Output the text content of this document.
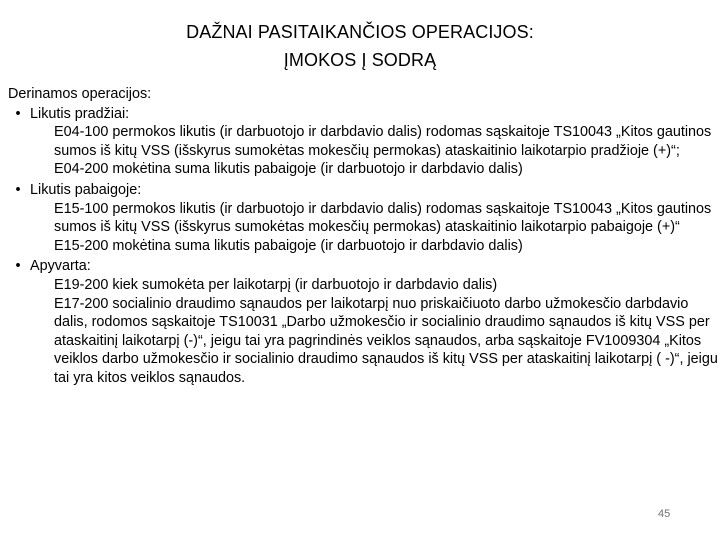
DAŽNAI PASITAIKANČIOS OPERACIJOS:
ĮMOKOS Į SODRĄ
Derinamos operacijos:
• Likutis pradžiai:
E04-100 permokos likutis (ir darbuotojo ir darbdavio dalis) rodomas sąskaitoje TS10043 „Kitos gautinos sumos iš kitų VSS (išskyrus sumokėtas mokesčių permokas) ataskaitinio laikotarpio pradžioje (+)“;
E04-200 mokėtina suma likutis pabaigoje (ir darbuotojo ir darbdavio dalis)
• Likutis pabaigoje:
E15-100 permokos likutis (ir darbuotojo ir darbdavio dalis) rodomas sąskaitoje TS10043 „Kitos gautinos sumos iš kitų VSS (išskyrus sumokėtas mokesčių permokas) ataskaitinio laikotarpio pabaigoje (+)“
E15-200 mokėtina suma likutis pabaigoje (ir darbuotojo ir darbdavio dalis)
• Apyvarta:
E19-200 kiek sumokėta per laikotarpį (ir darbuotojo ir darbdavio dalis)
E17-200 socialinio draudimo sąnaudos per laikotarpį nuo priskaičiuoto darbo užmokesčio darbdavio dalis, rodomos sąskaitoje TS10031 „Darbo užmokesčio ir socialinio draudimo sąnaudos iš kitų VSS per ataskaitinį laikotarpį (-)“, jeigu tai yra pagrindinės veiklos sąnaudos, arba sąskaitoje FV1009304 „Kitos veiklos darbo užmokesčio ir socialinio draudimo sąnaudos iš kitų VSS per ataskaitinį laikotarpį ( -)“, jeigu tai yra kitos veiklos sąnaudos.
45
